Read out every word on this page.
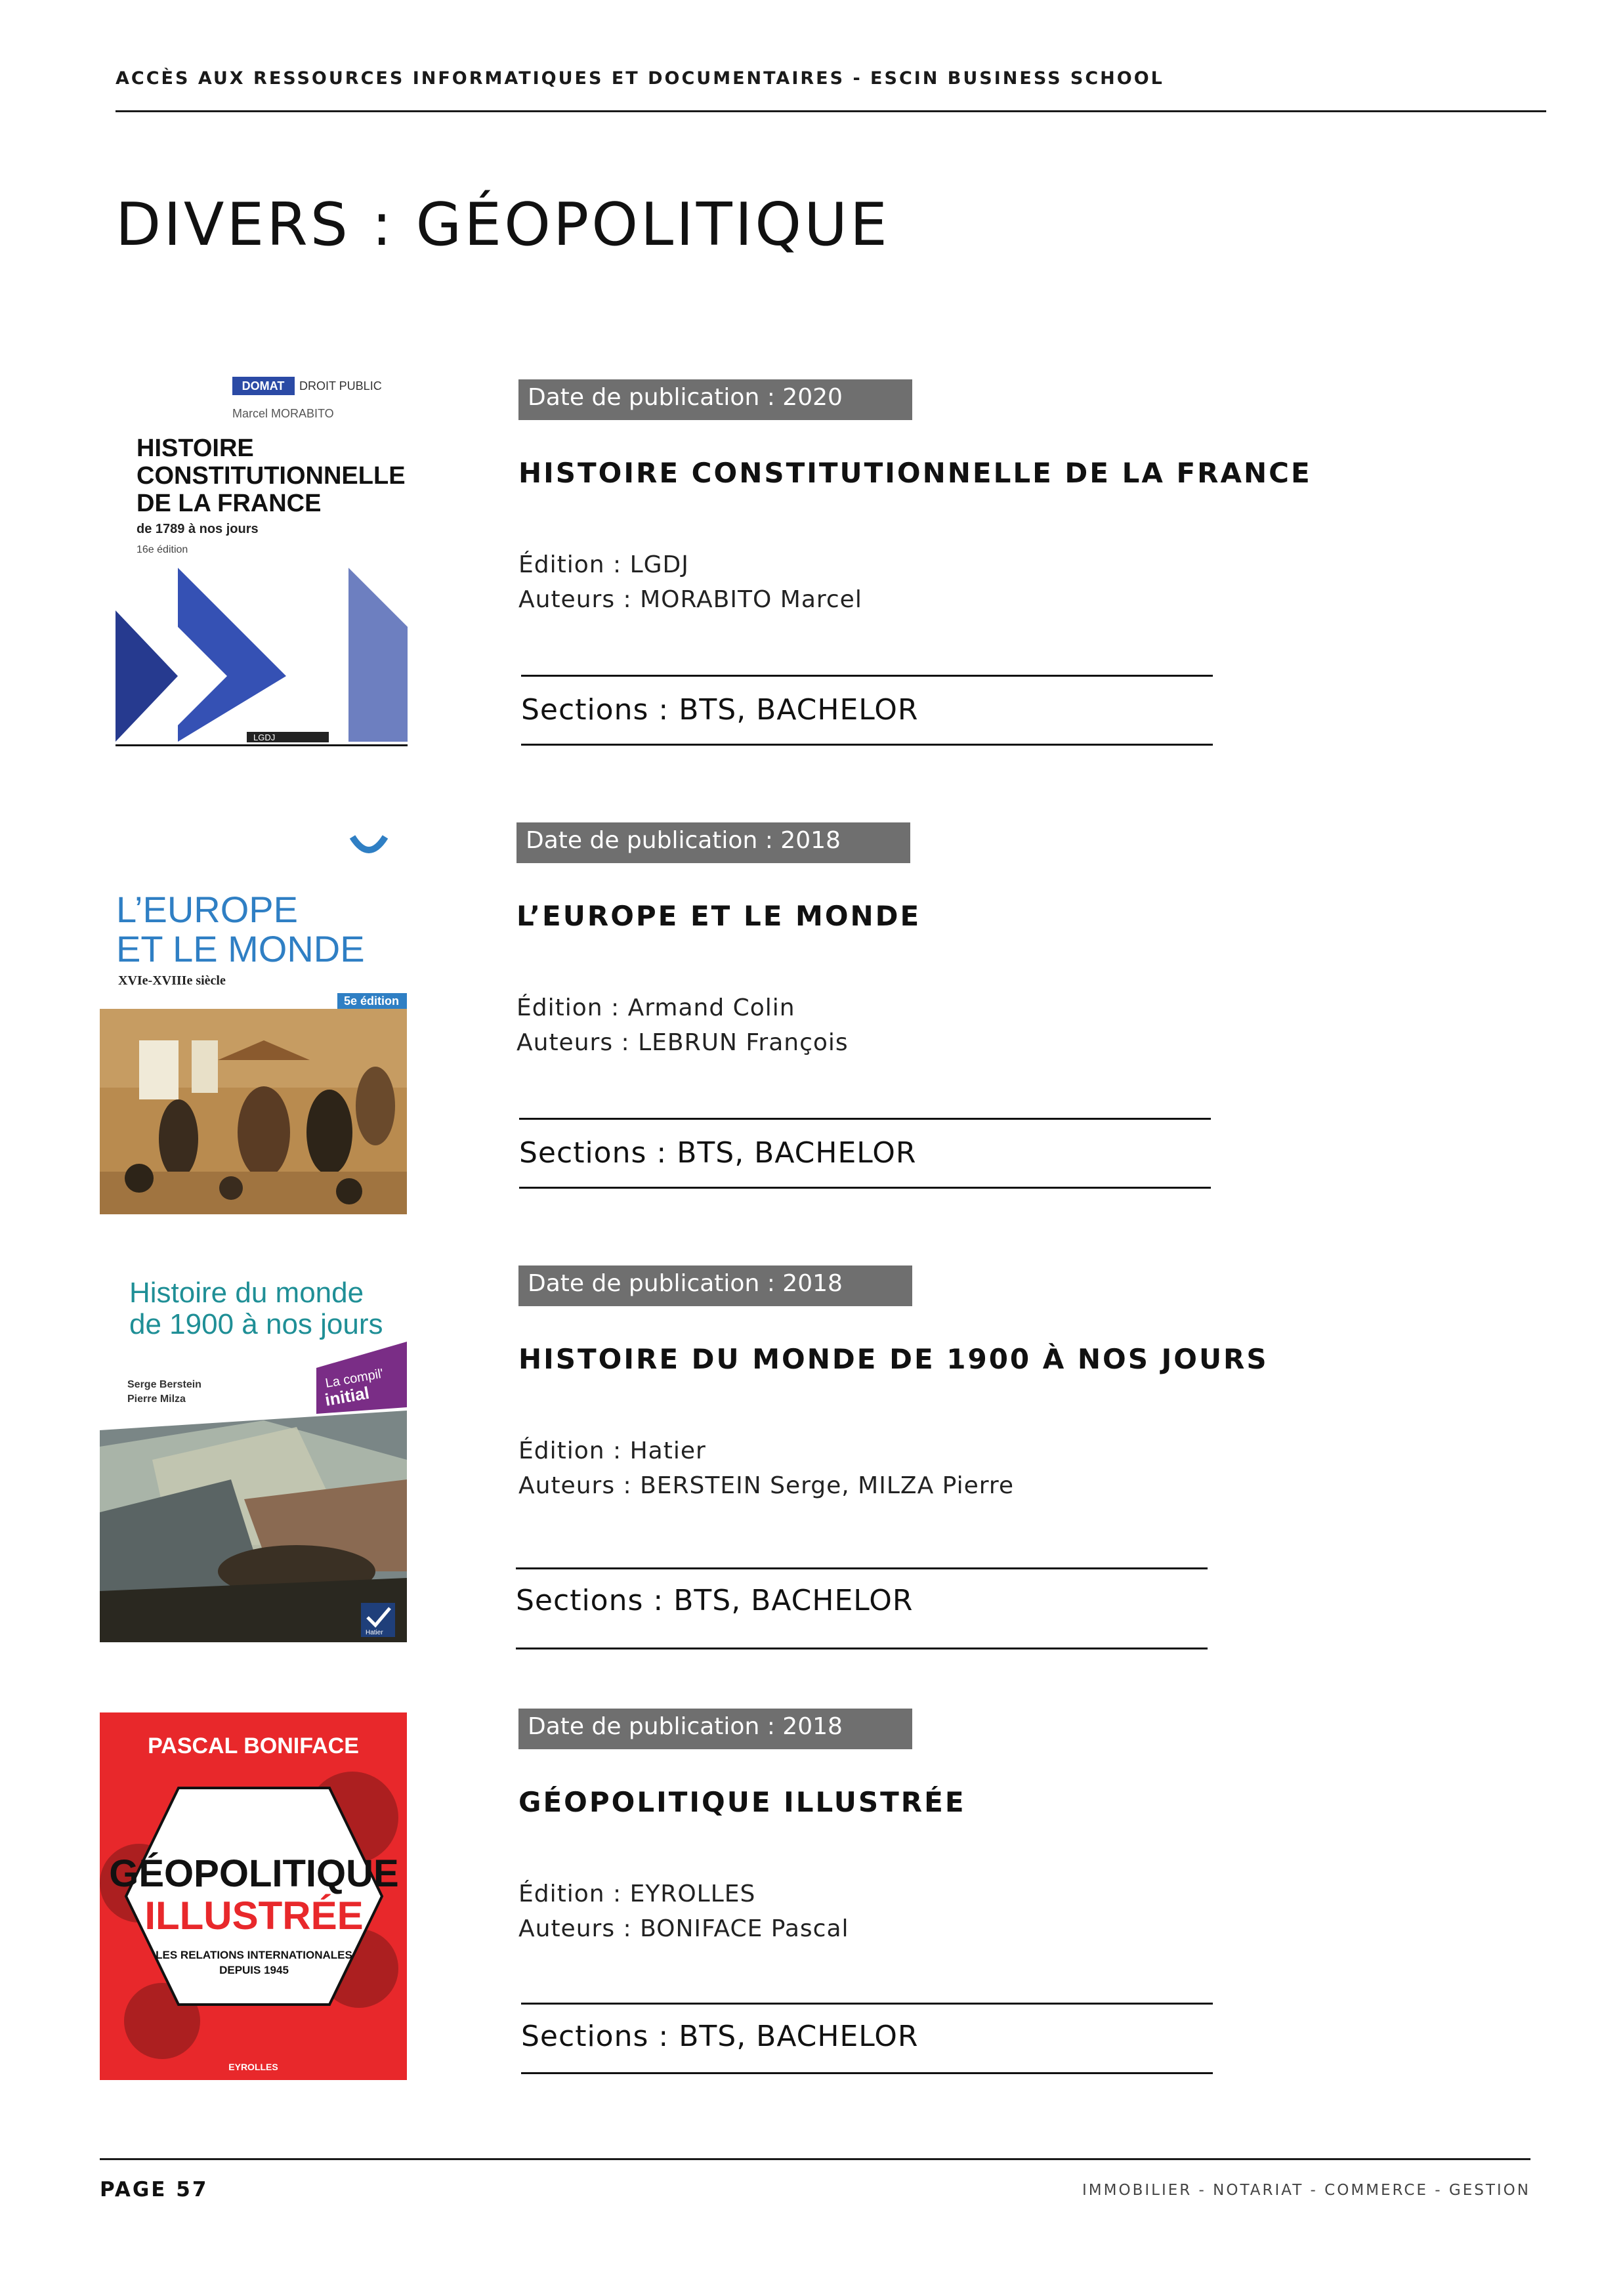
ACCÈS AUX RESSOURCES INFORMATIQUES ET DOCUMENTAIRES - ESCIN BUSINESS SCHOOL
DIVERS : GÉOPOLITIQUE
DOMAT DROIT PUBLIC
Marcel MORABITO
HISTOIRE
CONSTITUTIONNELLE
DE LA FRANCE
de 1789 à nos jours
16e édition
LGDJ
Date de publication : 2020
HISTOIRE CONSTITUTIONNELLE DE LA FRANCE
Édition : LGDJ
Auteurs : MORABITO Marcel
Sections : BTS, BACHELOR
L’EUROPE
ET LE MONDE
XVIe-XVIIIe siècle
5e édition
Date de publication : 2018
L’EUROPE ET LE MONDE
Édition : Armand Colin
Auteurs : LEBRUN François
Sections : BTS, BACHELOR
Histoire du monde
de 1900 à nos jours
Serge Berstein
Pierre Milza
La compil'
initial
Hatier
Date de publication : 2018
HISTOIRE DU MONDE DE 1900 À NOS JOURS
Édition : Hatier
Auteurs : BERSTEIN Serge, MILZA Pierre
Sections : BTS, BACHELOR
PASCAL BONIFACE
GÉOPOLITIQUE
ILLUSTRÉE
LES RELATIONS INTERNATIONALES
DEPUIS 1945
EYROLLES
Date de publication : 2018
GÉOPOLITIQUE ILLUSTRÉE
Édition : EYROLLES
Auteurs : BONIFACE Pascal
Sections : BTS, BACHELOR
PAGE 57	IMMOBILIER - NOTARIAT - COMMERCE - GESTION
